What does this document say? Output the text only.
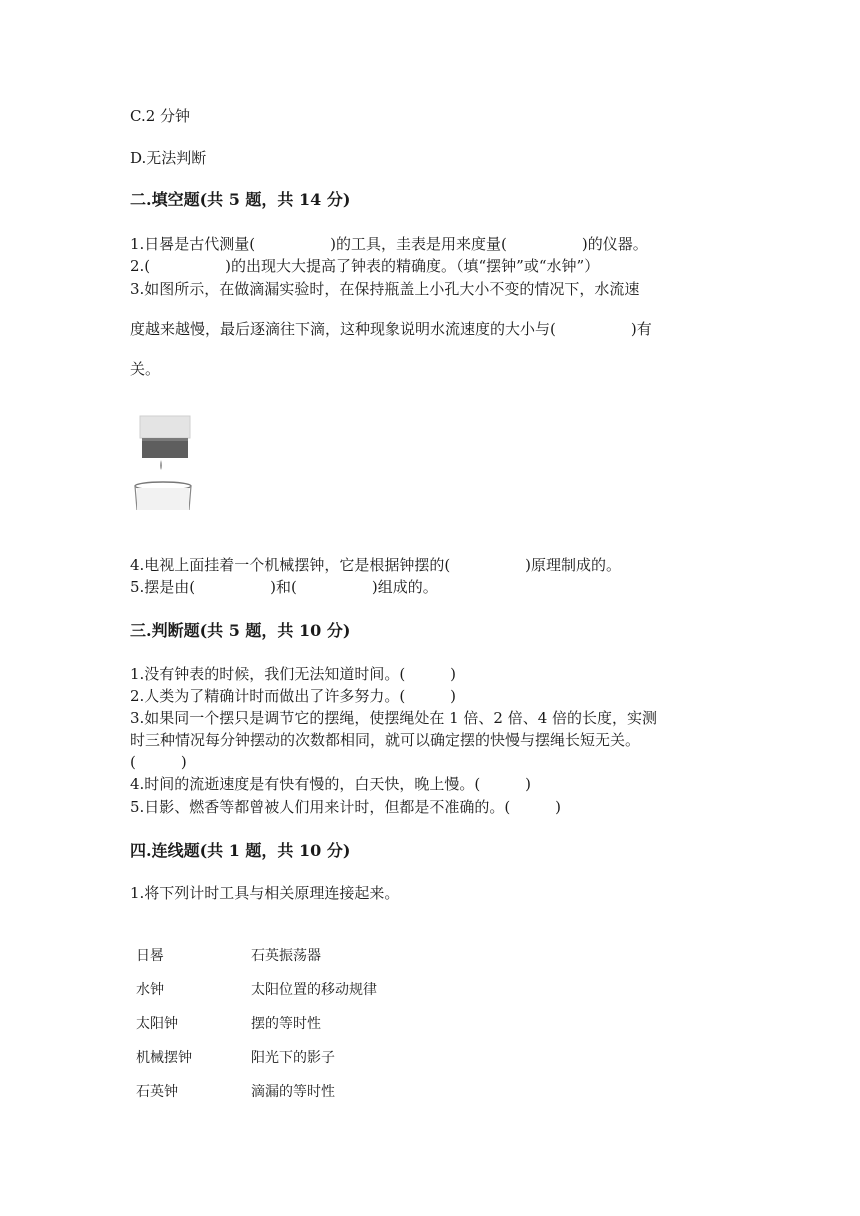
C.2 分钟
D.无法判断
二.填空题(共 5 题，共 14 分)
1.日晷是古代测量(　　　　　)的工具，圭表是用来度量(　　　　　)的仪器。
2.(　　　　　)的出现大大提高了钟表的精确度。（填“摆钟”或“水钟”）
3.如图所示，在做滴漏实验时，在保持瓶盖上小孔大小不变的情况下，水流速
度越来越慢，最后逐滴往下滴，这种现象说明水流速度的大小与(　　　　　)有
关。
4.电视上面挂着一个机械摆钟，它是根据钟摆的(　　　　　)原理制成的。
5.摆是由(　　　　　)和(　　　　　)组成的。
三.判断题(共 5 题，共 10 分)
1.没有钟表的时候，我们无法知道时间。(　　　)
2.人类为了精确计时而做出了许多努力。(　　　)
3.如果同一个摆只是调节它的摆绳，使摆绳处在 1 倍、2 倍、4 倍的长度，实测
时三种情况每分钟摆动的次数都相同，就可以确定摆的快慢与摆绳长短无关。
(　　　)
4.时间的流逝速度是有快有慢的，白天快，晚上慢。(　　　)
5.日影、燃香等都曾被人们用来计时，但都是不准确的。(　　　)
四.连线题(共 1 题，共 10 分)
1.将下列计时工具与相关原理连接起来。
日晷	石英振荡器
水钟	太阳位置的移动规律
太阳钟	摆的等时性
机械摆钟	阳光下的影子
石英钟	滴漏的等时性
